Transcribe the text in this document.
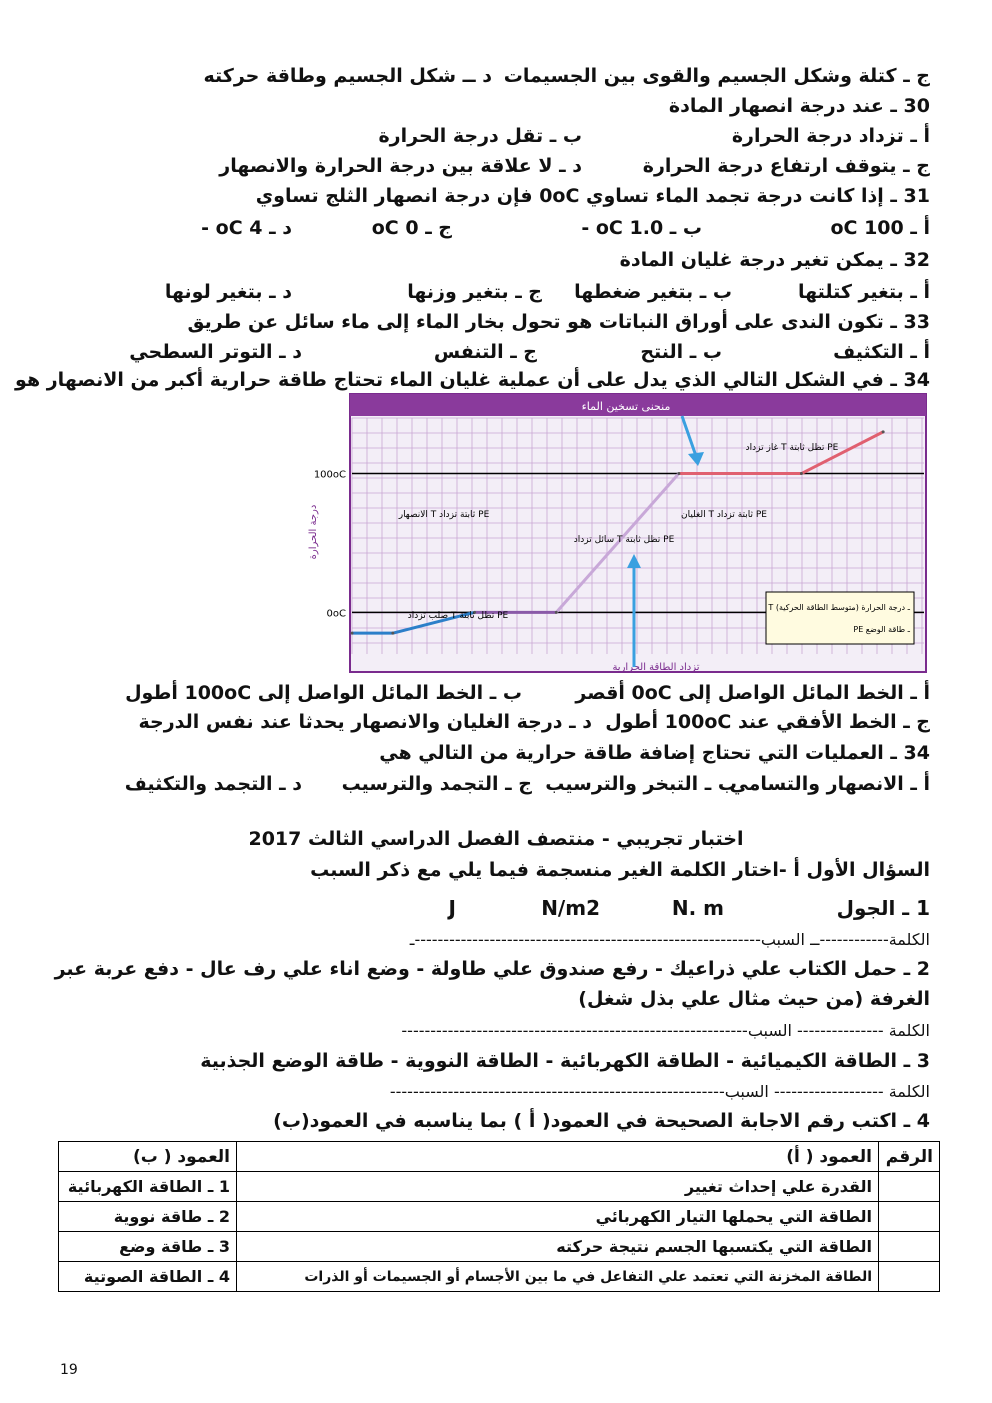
ج ـ كتلة وشكل الجسيم والقوى بين الجسيمات
د ــ شكل الجسيم وطاقة حركته
30 ـ عند درجة انصهار المادة
أ ـ تزداد درجة الحرارة
ب ـ تقل درجة الحرارة
ج ـ يتوقف ارتفاع درجة الحرارة
د ـ لا علاقة بين درجة الحرارة والانصهار
31 ـ إذا كانت درجة تجمد الماء تساوي 0oC فإن درجة انصهار الثلج تساوي
أ ـ 100 oC
ب ـ 1.0 oC -
ج ـ 0 oC
د ـ 4 oC -
32 ـ يمكن تغير درجة غليان المادة
أ ـ بتغير كتلتها
ب ـ بتغير ضغطها
ج ـ بتغير وزنها
د ـ بتغير لونها
33 ـ تكون الندى على أوراق النباتات هو تحول بخار الماء إلى ماء سائل عن طريق
أ ـ التكثيف
ب ـ النتح
ج ـ التنفس
د ـ التوتر السطحي
34 ـ في الشكل التالي الذي يدل على أن عملية غليان الماء تحتاج طاقة حرارية أكبر من الانصهار هو
منحنى تسخين الماء
درجة الحرارة
تزداد الطاقة الحرارية
100oC
0oC
الانصهار T ثابتة تزداد PE
سائل تزداد T تظل ثابتة PE
الغليان T ثابتة تزداد PE
غاز تزداد T تظل ثابتة PE
صلب تزداد T تظل ثابتة PE
T ـ درجة الحرارة (متوسط الطاقة الحركية)
PE ـ طاقة الوضع
أ ـ الخط المائل الواصل إلى 0oC أقصر
ب ـ الخط المائل الواصل إلى 100oC أطول
ج ـ الخط الأفقي عند 100oC أطول
د ـ درجة الغليان والانصهار يحدثا عند نفس الدرجة
34 ـ العمليات التي تحتاج إضافة طاقة حرارية من التالي هي
أ ـ الانصهار والتسامي
ب ـ التبخر والترسيب
ج ـ التجمد والترسيب
د ـ التجمد والتكثيف
اختبار تجريبي - منتصف الفصل الدراسي الثالث 2017
السؤال الأول أ -اختار الكلمة الغير منسجمة فيما يلي مع ذكر السبب
1 ـ الجول
N. m
N/m2
J
الكلمة------------ــ السبب------------------------------------------------------------ـ
2 ـ حمل الكتاب علي ذراعيك - رفع صندوق علي طاولة - وضع اناء علي رف عال - دفع عربة عبر
الغرفة (من حيث مثال علي بذل شغل)
الكلمة --------------- السبب------------------------------------------------------------
3 ـ الطاقة الكيميائية - الطاقة الكهربائية - الطاقة النووية - طاقة الوضع الجذبية
الكلمة ------------------- السبب----------------------------------------------------------
4 ـ اكتب رقم الاجابة الصحيحة في العمود( أ ) بما يناسبه في العمود(ب)
الرقم	العمود ( أ)	العمود ( ب)
	القدرة علي إحداث تغيير	1 ـ الطاقة الكهربائية
	الطاقة التي يحملها التيار الكهربائي	2 ـ طاقة نووية
	الطاقة التي يكتسبها الجسم نتيجة حركته	3 ـ طاقة وضع
	الطاقة المخزنة التي تعتمد علي التفاعل في ما بين الأجسام أو الجسيمات أو الذرات	4 ـ الطاقة الصوتية
19
